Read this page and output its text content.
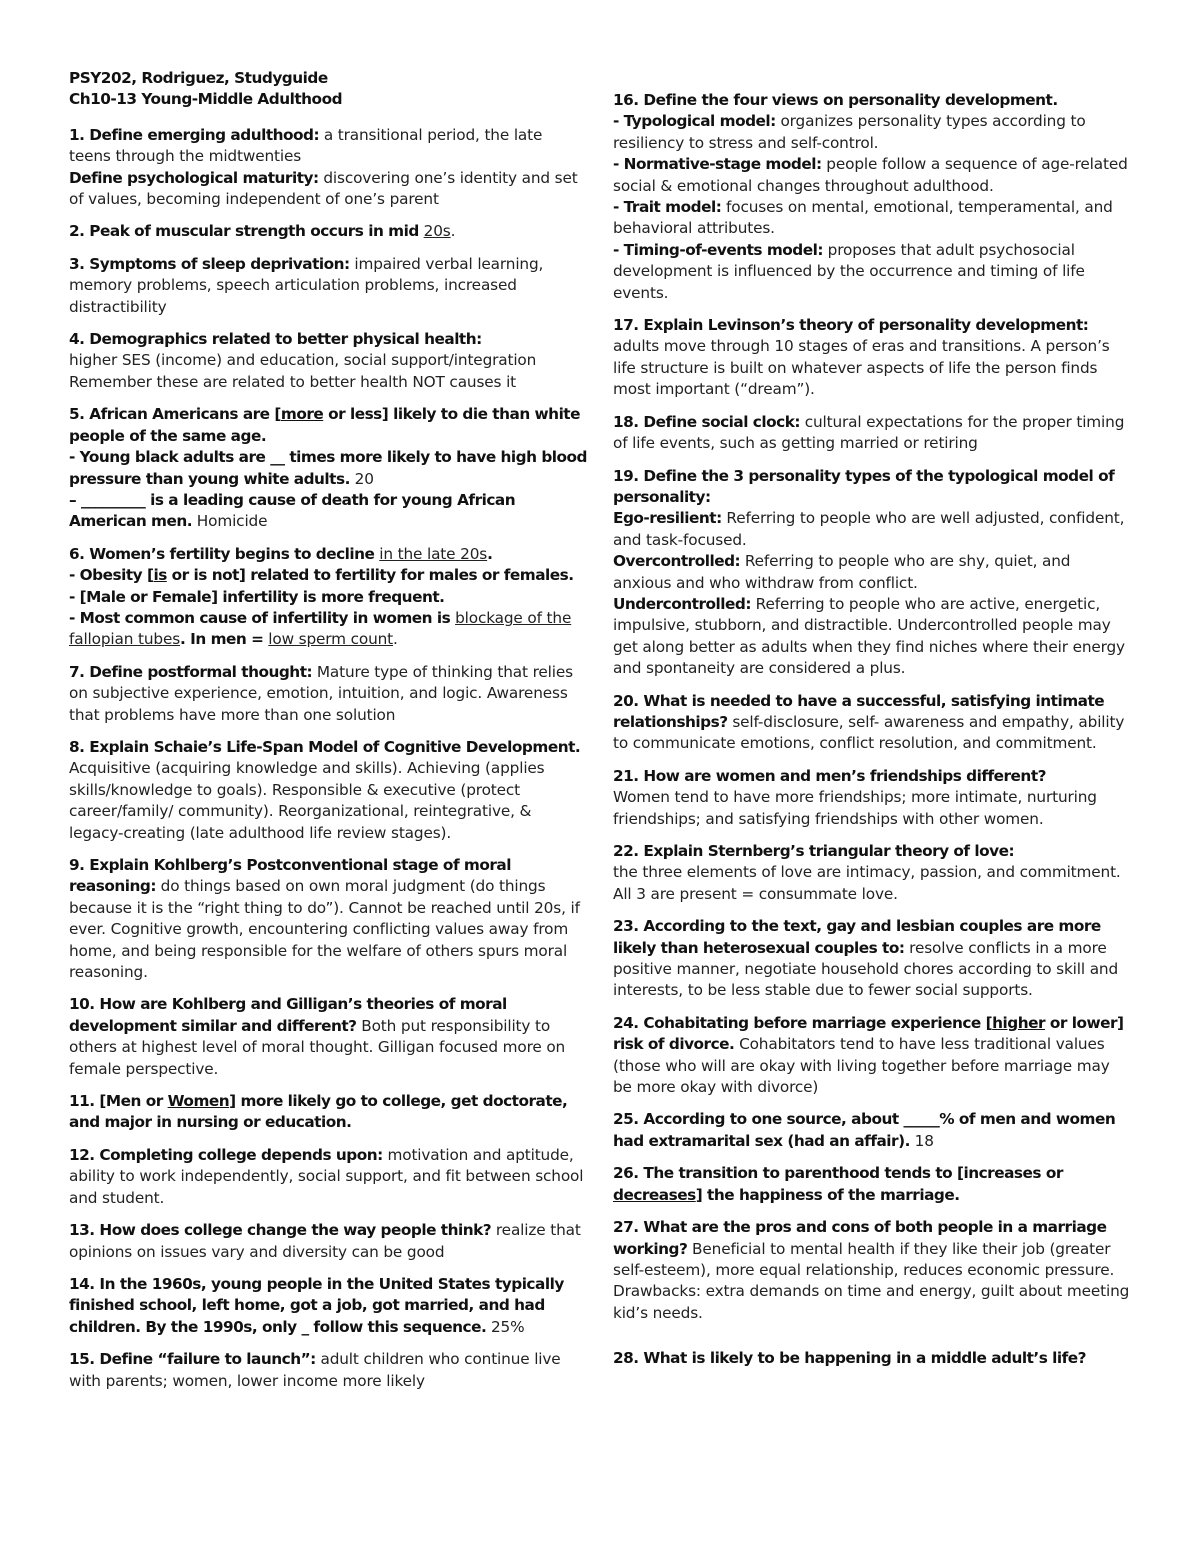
PSY202, Rodriguez, Studyguide
Ch10-13 Young-Middle Adulthood

1. Define emerging adulthood: a transitional period, the late teens through the midtwenties

Define psychological maturity: discovering one’s identity and set of values, becoming independent of one’s parent

2. Peak of muscular strength occurs in mid 20s.

3. Symptoms of sleep deprivation: impaired verbal learning, memory problems, speech articulation problems, increased distractibility

4. Demographics related to better physical health:

higher SES (income) and education, social support/integration

Remember these are related to better health NOT causes it

5. African Americans are [more or less] likely to die than white people of the same age.

- Young black adults are __ times more likely to have high blood pressure than young white adults. 20

– _________ is a leading cause of death for young African American men. Homicide

6. Women’s fertility begins to decline in the late 20s.

- Obesity [is or is not] related to fertility for males or females.

- [Male or Female] infertility is more frequent.

- Most common cause of infertility in women is blockage of the fallopian tubes. In men = low sperm count.

7. Define postformal thought: Mature type of thinking that relies on subjective experience, emotion, intuition, and logic. Awareness that problems have more than one solution

8. Explain Schaie’s Life-Span Model of Cognitive Development.

Acquisitive (acquiring knowledge and skills). Achieving (applies skills/knowledge to goals). Responsible & executive (protect career/family/ community). Reorganizational, reintegrative, & legacy-creating (late adulthood life review stages).

9. Explain Kohlberg’s Postconventional stage of moral reasoning: do things based on own moral judgment (do things because it is the “right thing to do”). Cannot be reached until 20s, if ever. Cognitive growth, encountering conflicting values away from home, and being responsible for the welfare of others spurs moral reasoning.

10. How are Kohlberg and Gilligan’s theories of moral development similar and different? Both put responsibility to others at highest level of moral thought. Gilligan focused more on female perspective.

11. [Men or Women] more likely go to college, get doctorate, and major in nursing or education.

12. Completing college depends upon: motivation and aptitude, ability to work independently, social support, and fit between school and student.

13. How does college change the way people think? realize that opinions on issues vary and diversity can be good

14. In the 1960s, young people in the United States typically finished school, left home, got a job, got married, and had children. By the 1990s, only _ follow this sequence. 25%

15. Define “failure to launch”: adult children who continue live with parents; women, lower income more likely

16. Define the four views on personality development.

- Typological model: organizes personality types according to resiliency to stress and self-control.

- Normative-stage model: people follow a sequence of age-related social & emotional changes throughout adulthood.

- Trait model: focuses on mental, emotional, temperamental, and behavioral attributes.

- Timing-of-events model: proposes that adult psychosocial development is influenced by the occurrence and timing of life events.

17. Explain Levinson’s theory of personality development:

adults move through 10 stages of eras and transitions. A person’s life structure is built on whatever aspects of life the person finds most important (“dream”).

18. Define social clock: cultural expectations for the proper timing of life events, such as getting married or retiring

19. Define the 3 personality types of the typological model of personality:

Ego-resilient: Referring to people who are well adjusted, confident, and task-focused.

Overcontrolled: Referring to people who are shy, quiet, and anxious and who withdraw from conflict.

Undercontrolled: Referring to people who are active, energetic, impulsive, stubborn, and distractible. Undercontrolled people may get along better as adults when they find niches where their energy and spontaneity are considered a plus.

20. What is needed to have a successful, satisfying intimate relationships? self-disclosure, self- awareness and empathy, ability to communicate emotions, conflict resolution, and commitment.

21. How are women and men’s friendships different?

Women tend to have more friendships; more intimate, nurturing friendships; and satisfying friendships with other women.

22. Explain Sternberg’s triangular theory of love:

the three elements of love are intimacy, passion, and commitment. All 3 are present = consummate love.

23. According to the text, gay and lesbian couples are more likely than heterosexual couples to: resolve conflicts in a more positive manner, negotiate household chores according to skill and interests, to be less stable due to fewer social supports.

24. Cohabitating before marriage experience [higher or lower] risk of divorce. Cohabitators tend to have less traditional values (those who will are okay with living together before marriage may be more okay with divorce)

25. According to one source, about _____% of men and women had extramarital sex (had an affair). 18

26. The transition to parenthood tends to [increases or decreases] the happiness of the marriage.

27. What are the pros and cons of both people in a marriage working? Beneficial to mental health if they like their job (greater self-esteem), more equal relationship, reduces economic pressure. Drawbacks: extra demands on time and energy, guilt about meeting kid’s needs.

28. What is likely to be happening in a middle adult’s life?
